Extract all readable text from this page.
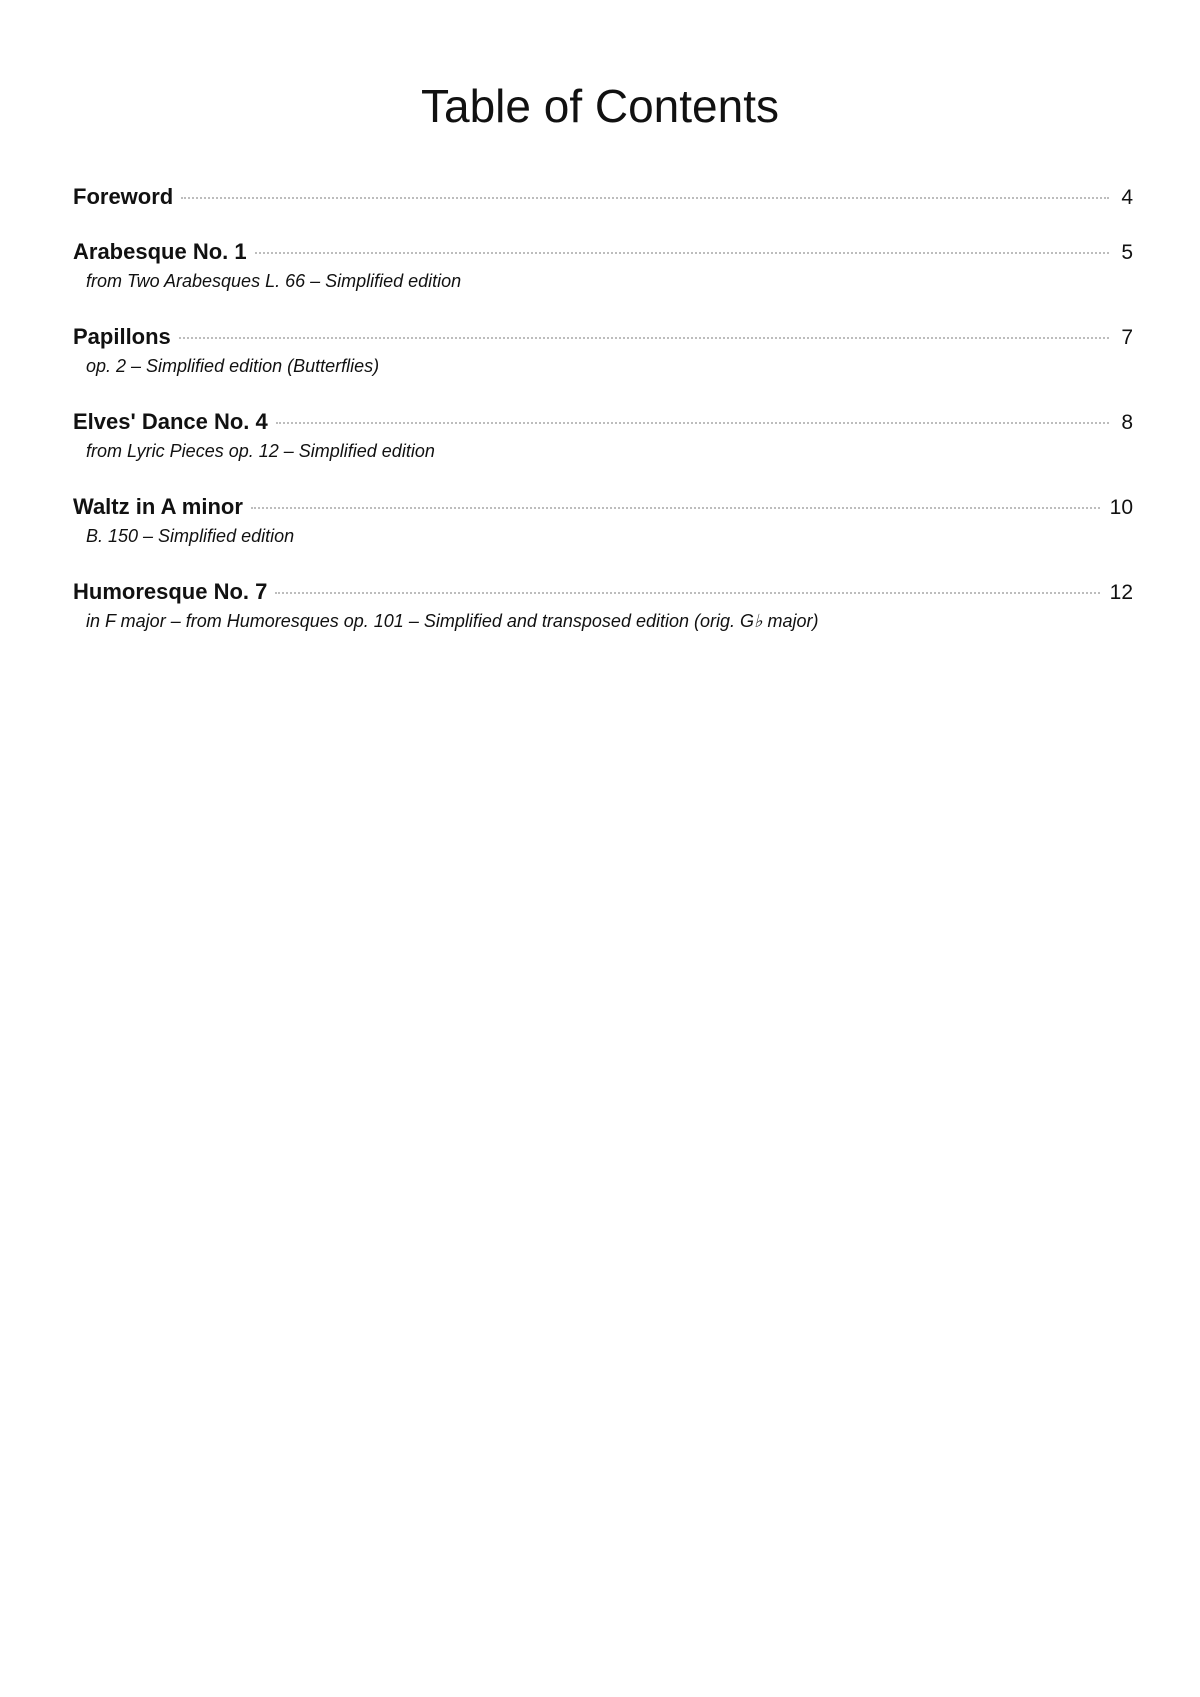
Table of Contents
Foreword	4
Arabesque No. 1	5
from Two Arabesques L. 66 – Simplified edition
Papillons	7
op. 2 – Simplified edition (Butterflies)
Elves' Dance No. 4	8
from Lyric Pieces op. 12 – Simplified edition
Waltz in A minor	10
B. 150 – Simplified edition
Humoresque No. 7	12
in F major – from Humoresques op. 101 – Simplified and transposed edition (orig. G♭ major)
